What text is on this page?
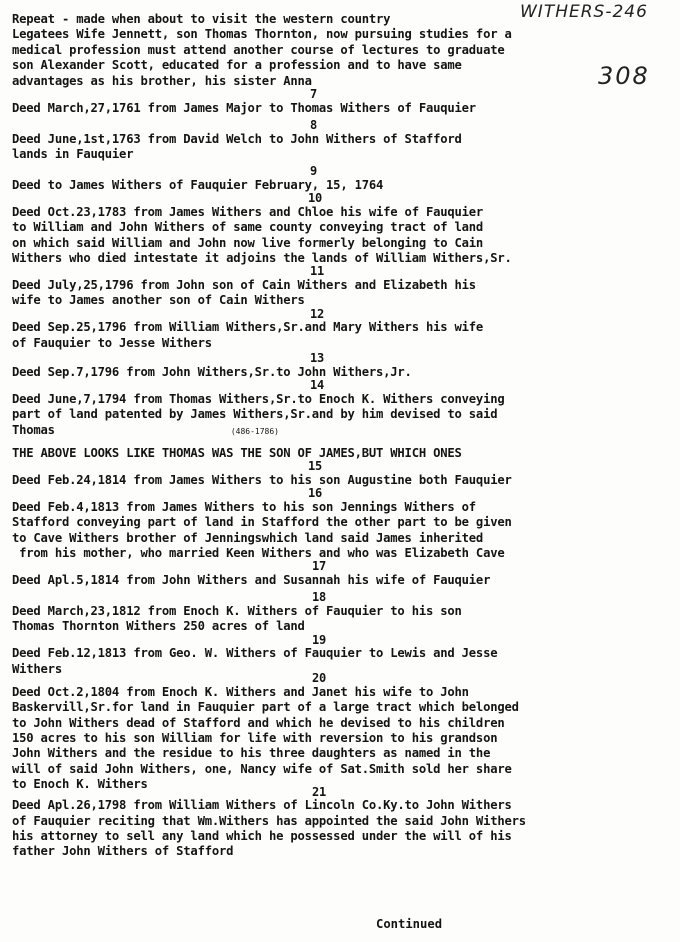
WITHERS-246
308
Repeat - made when about to visit the western country
Legatees Wife Jennett, son Thomas Thornton, now pursuing studies for a
medical profession must attend another course of lectures to graduate
son Alexander Scott, educated for a profession and to have same
advantages as his brother, his sister Anna
7
Deed March,27,1761 from James Major to Thomas Withers of Fauquier
8
Deed June,1st,1763 from David Welch to John Withers of Stafford
lands in Fauquier
9
Deed to James Withers of Fauquier February, 15, 1764
10
Deed Oct.23,1783 from James Withers and Chloe his wife of Fauquier
to William and John Withers of same county conveying tract of land
on which said William and John now live formerly belonging to Cain
Withers who died intestate it adjoins the lands of William Withers,Sr.
11
Deed July,25,1796 from John son of Cain Withers and Elizabeth his
wife to James another son of Cain Withers
12
Deed Sep.25,1796 from William Withers,Sr.and Mary Withers his wife
of Fauquier to Jesse Withers
13
Deed Sep.7,1796 from John Withers,Sr.to John Withers,Jr.
14
Deed June,7,1794 from Thomas Withers,Sr.to Enoch K. Withers conveying
part of land patented by James Withers,Sr.and by him devised to said
Thomas	(486-1786)
THE ABOVE LOOKS LIKE THOMAS WAS THE SON OF JAMES,BUT WHICH ONES
15
Deed Feb.24,1814 from James Withers to his son Augustine both Fauquier
16
Deed Feb.4,1813 from James Withers to his son Jennings Withers of
Stafford conveying part of land in Stafford the other part to be given
to Cave Withers brother of Jenningswhich land said James inherited
from his mother, who married Keen Withers and who was Elizabeth Cave
17
Deed Apl.5,1814 from John Withers and Susannah his wife of Fauquier
18
Deed March,23,1812 from Enoch K. Withers of Fauquier to his son
Thomas Thornton Withers 250 acres of land
19
Deed Feb.12,1813 from Geo. W. Withers of Fauquier to Lewis and Jesse
Withers
20
Deed Oct.2,1804 from Enoch K. Withers and Janet his wife to John
Baskervill,Sr.for land in Fauquier part of a large tract which belonged
to John Withers dead of Stafford and which he devised to his children
150 acres to his son William for life with reversion to his grandson
John Withers and the residue to his three daughters as named in the
will of said John Withers, one, Nancy wife of Sat.Smith sold her share
to Enoch K. Withers
21
Deed Apl.26,1798 from William Withers of Lincoln Co.Ky.to John Withers
of Fauquier reciting that Wm.Withers has appointed the said John Withers
his attorney to sell any land which he possessed under the will of his
father John Withers of Stafford
Continued
